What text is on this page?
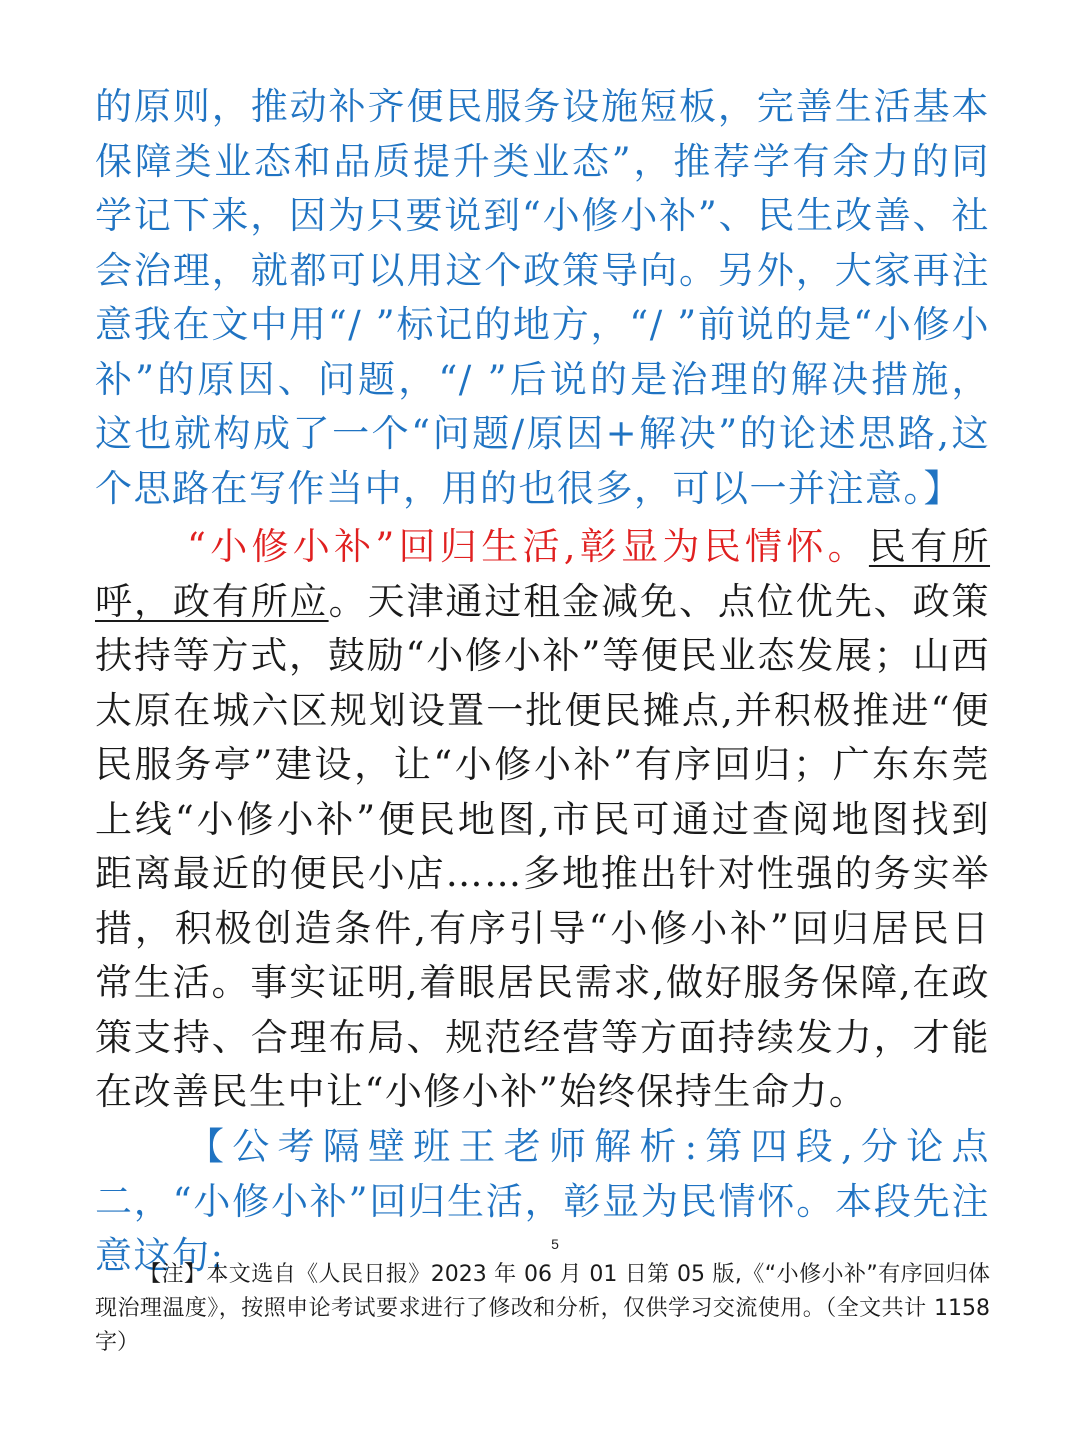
的原则，推动补齐便民服务设施短板，完善生活基本保障类业态和品质提升类业态”，推荐学有余力的同学记下来，因为只要说到“小修小补”、民生改善、社会治理，就都可以用这个政策导向。另外，大家再注意我在文中用“/ ”标记的地方，“/ ”前说的是“小修小补”的原因、问题，“/ ”后说的是治理的解决措施，这也就构成了一个“问题/原因+解决”的论述思路,这个思路在写作当中，用的也很多，可以一并注意。】

“小修小补”回归生活,彰显为民情怀。民有所呼，政有所应。天津通过租金减免、点位优先、政策扶持等方式，鼓励“小修小补”等便民业态发展；山西太原在城六区规划设置一批便民摊点,并积极推进“便民服务亭”建设，让“小修小补”有序回归；广东东莞上线“小修小补”便民地图,市民可通过查阅地图找到距离最近的便民小店……多地推出针对性强的务实举措，积极创造条件,有序引导“小修小补”回归居民日常生活。事实证明,着眼居民需求,做好服务保障,在政策支持、合理布局、规范经营等方面持续发力，才能在改善民生中让“小修小补”始终保持生命力。

【公考隔壁班王老师解析:第四段,分论点二，“小修小补”回归生活，彰显为民情怀。本段先注意这句:	5

【注】本文选自《人民日报》2023 年 06 月 01 日第 05 版,《“小修小补”有序回归体现治理温度》，按照申论考试要求进行了修改和分析，仅供学习交流使用。（全文共计 1158 字）
